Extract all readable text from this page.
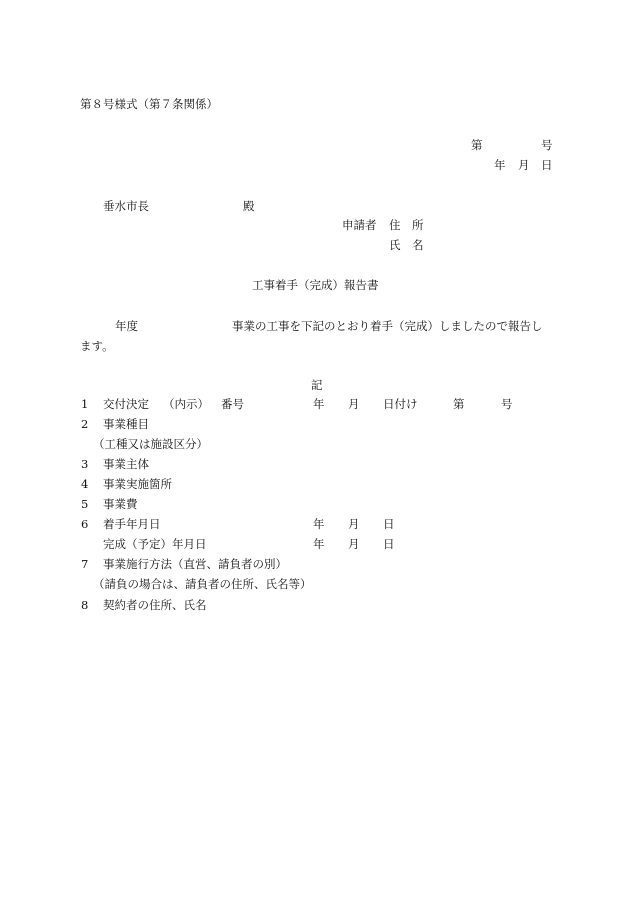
第８号様式（第７条関係）
第	号
年 月 日
垂水市長	殿
申請者 住　所
氏　名
工事着手（完成）報告書
年度	事業の工事を下記のとおり着手（完成）しましたので報告し
ます。
記
1 交付決定 （内示） 番号	年 月 日付け	第	号
2 事業種目
（工種又は施設区分）
3 事業主体
4 事業実施箇所
5 事業費
6 着手年月日	年 月 日
完成（予定）年月日	年 月 日
7 事業施行方法（直営、請負者の別）
（請負の場合は、請負者の住所、氏名等）
8 契約者の住所、氏名
